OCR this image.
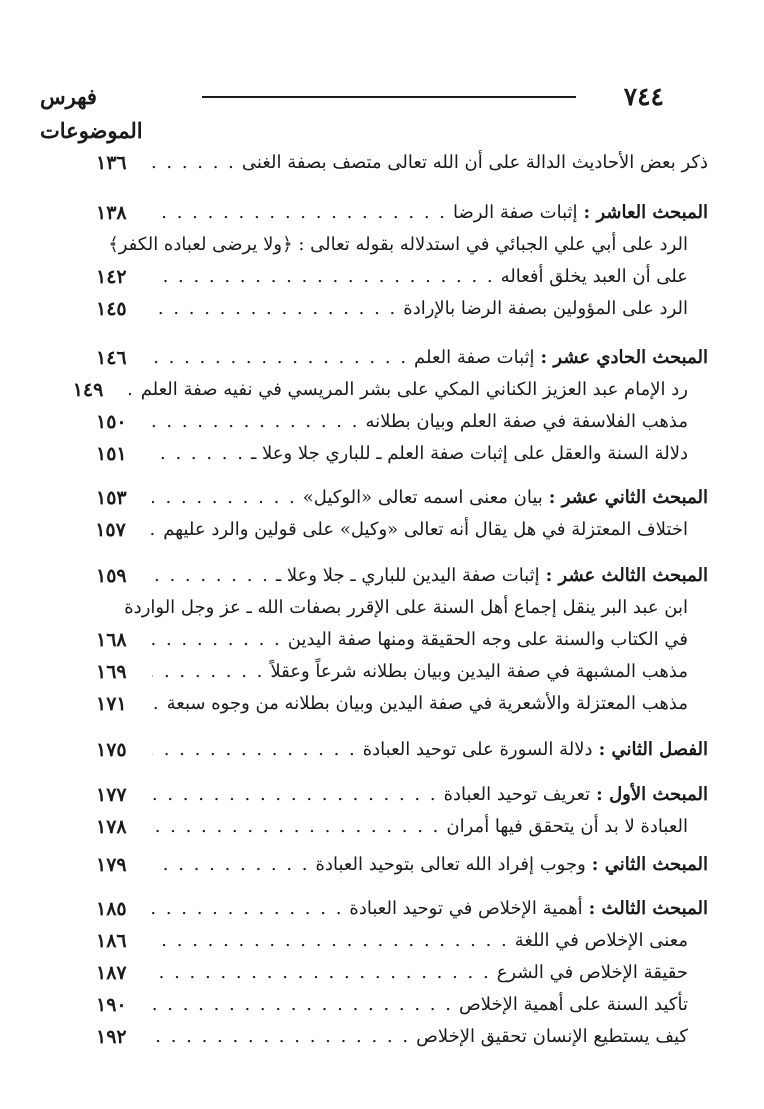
٧٤٤
فهرس الموضوعات
ذكر بعض الأحاديث الدالة على أن الله تعالى متصف بصفة الغنى
. . .
١٣٦
المبحث العاشر :
إثبات صفة الرضا
. . .
١٣٨
الرد على أبي علي الجبائي في استدلاله بقوله تعالى : ﴿ولا يرضى لعباده الكفر﴾
على أن العبد يخلق أفعاله
. . .
١٤٢
الرد على المؤولين بصفة الرضا بالإرادة
. . .
١٤٥
المبحث الحادي عشر :
إثبات صفة العلم
. . .
١٤٦
رد الإمام عبد العزيز الكناني المكي على بشر المريسي في نفيه صفة العلم
. . .
١٤٩
مذهب الفلاسفة في صفة العلم وبيان بطلانه
. . .
١٥٠
دلالة السنة والعقل على إثبات صفة العلم ـ للباري جلا وعلا ـ
. . .
١٥١
المبحث الثاني عشر :
بيان معنى اسمه تعالى «الوكيل»
. . .
١٥٣
اختلاف المعتزلة في هل يقال أنه تعالى «وكيل» على قولين والرد عليهم
. . .
١٥٧
المبحث الثالث عشر :
إثبات صفة اليدين للباري ـ جلا وعلا ـ
. . .
١٥٩
ابن عبد البر ينقل إجماع أهل السنة على الإقرر بصفات الله ـ عز وجل الواردة
في الكتاب والسنة على وجه الحقيقة ومنها صفة اليدين
. . .
١٦٨
مذهب المشبهة في صفة اليدين وبيان بطلانه شرعاً وعقلاً
. . .
١٦٩
مذهب المعتزلة والأشعرية في صفة اليدين وبيان بطلانه من وجوه سبعة
. . .
١٧١
الفصل الثاني :
دلالة السورة على توحيد العبادة
. . .
١٧٥
المبحث الأول :
تعريف توحيد العبادة
. . .
١٧٧
العبادة لا بد أن يتحقق فيها أمران
. . .
١٧٨
المبحث الثاني :
وجوب إفراد الله تعالى بتوحيد العبادة
. . .
١٧٩
المبحث الثالث :
أهمية الإخلاص في توحيد العبادة
. . .
١٨٥
معنى الإخلاص في اللغة
. . .
١٨٦
حقيقة الإخلاص في الشرع
. . .
١٨٧
تأكيد السنة على أهمية الإخلاص
. . .
١٩٠
كيف يستطيع الإنسان تحقيق الإخلاص
. . .
١٩٢
